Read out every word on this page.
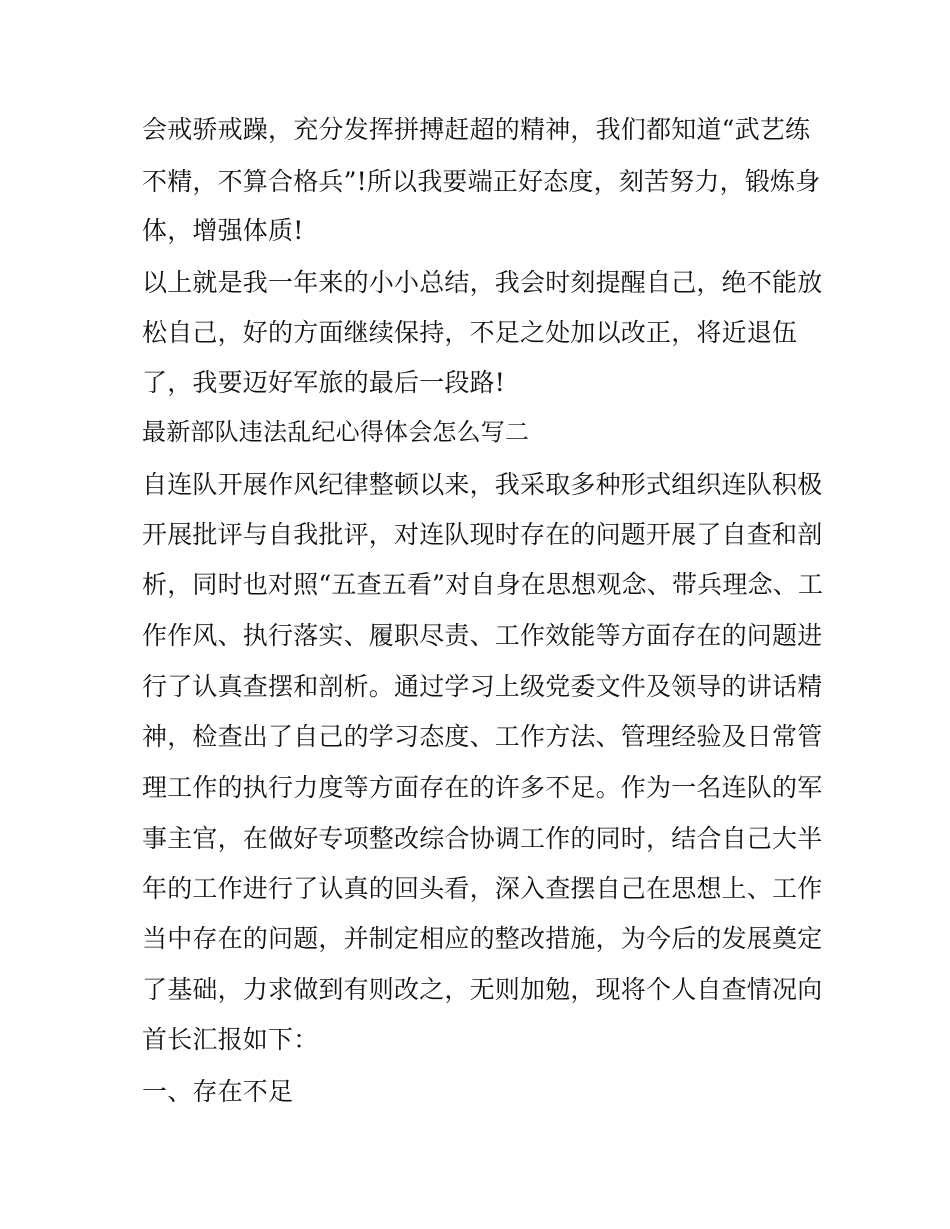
会戒骄戒躁，充分发挥拼搏赶超的精神，我们都知道“武艺练
不精，不算合格兵”!所以我要端正好态度，刻苦努力，锻炼身
体，增强体质!
以上就是我一年来的小小总结，我会时刻提醒自己，绝不能放
松自己，好的方面继续保持，不足之处加以改正，将近退伍
了，我要迈好军旅的最后一段路!
最新部队违法乱纪心得体会怎么写二
自连队开展作风纪律整顿以来，我采取多种形式组织连队积极
开展批评与自我批评，对连队现时存在的问题开展了自查和剖
析，同时也对照“五查五看”对自身在思想观念、带兵理念、工
作作风、执行落实、履职尽责、工作效能等方面存在的问题进
行了认真查摆和剖析。通过学习上级党委文件及领导的讲话精
神，检查出了自己的学习态度、工作方法、管理经验及日常管
理工作的执行力度等方面存在的许多不足。作为一名连队的军
事主官，在做好专项整改综合协调工作的同时，结合自己大半
年的工作进行了认真的回头看，深入查摆自己在思想上、工作
当中存在的问题，并制定相应的整改措施，为今后的发展奠定
了基础，力求做到有则改之，无则加勉，现将个人自查情况向
首长汇报如下：
一、存在不足
